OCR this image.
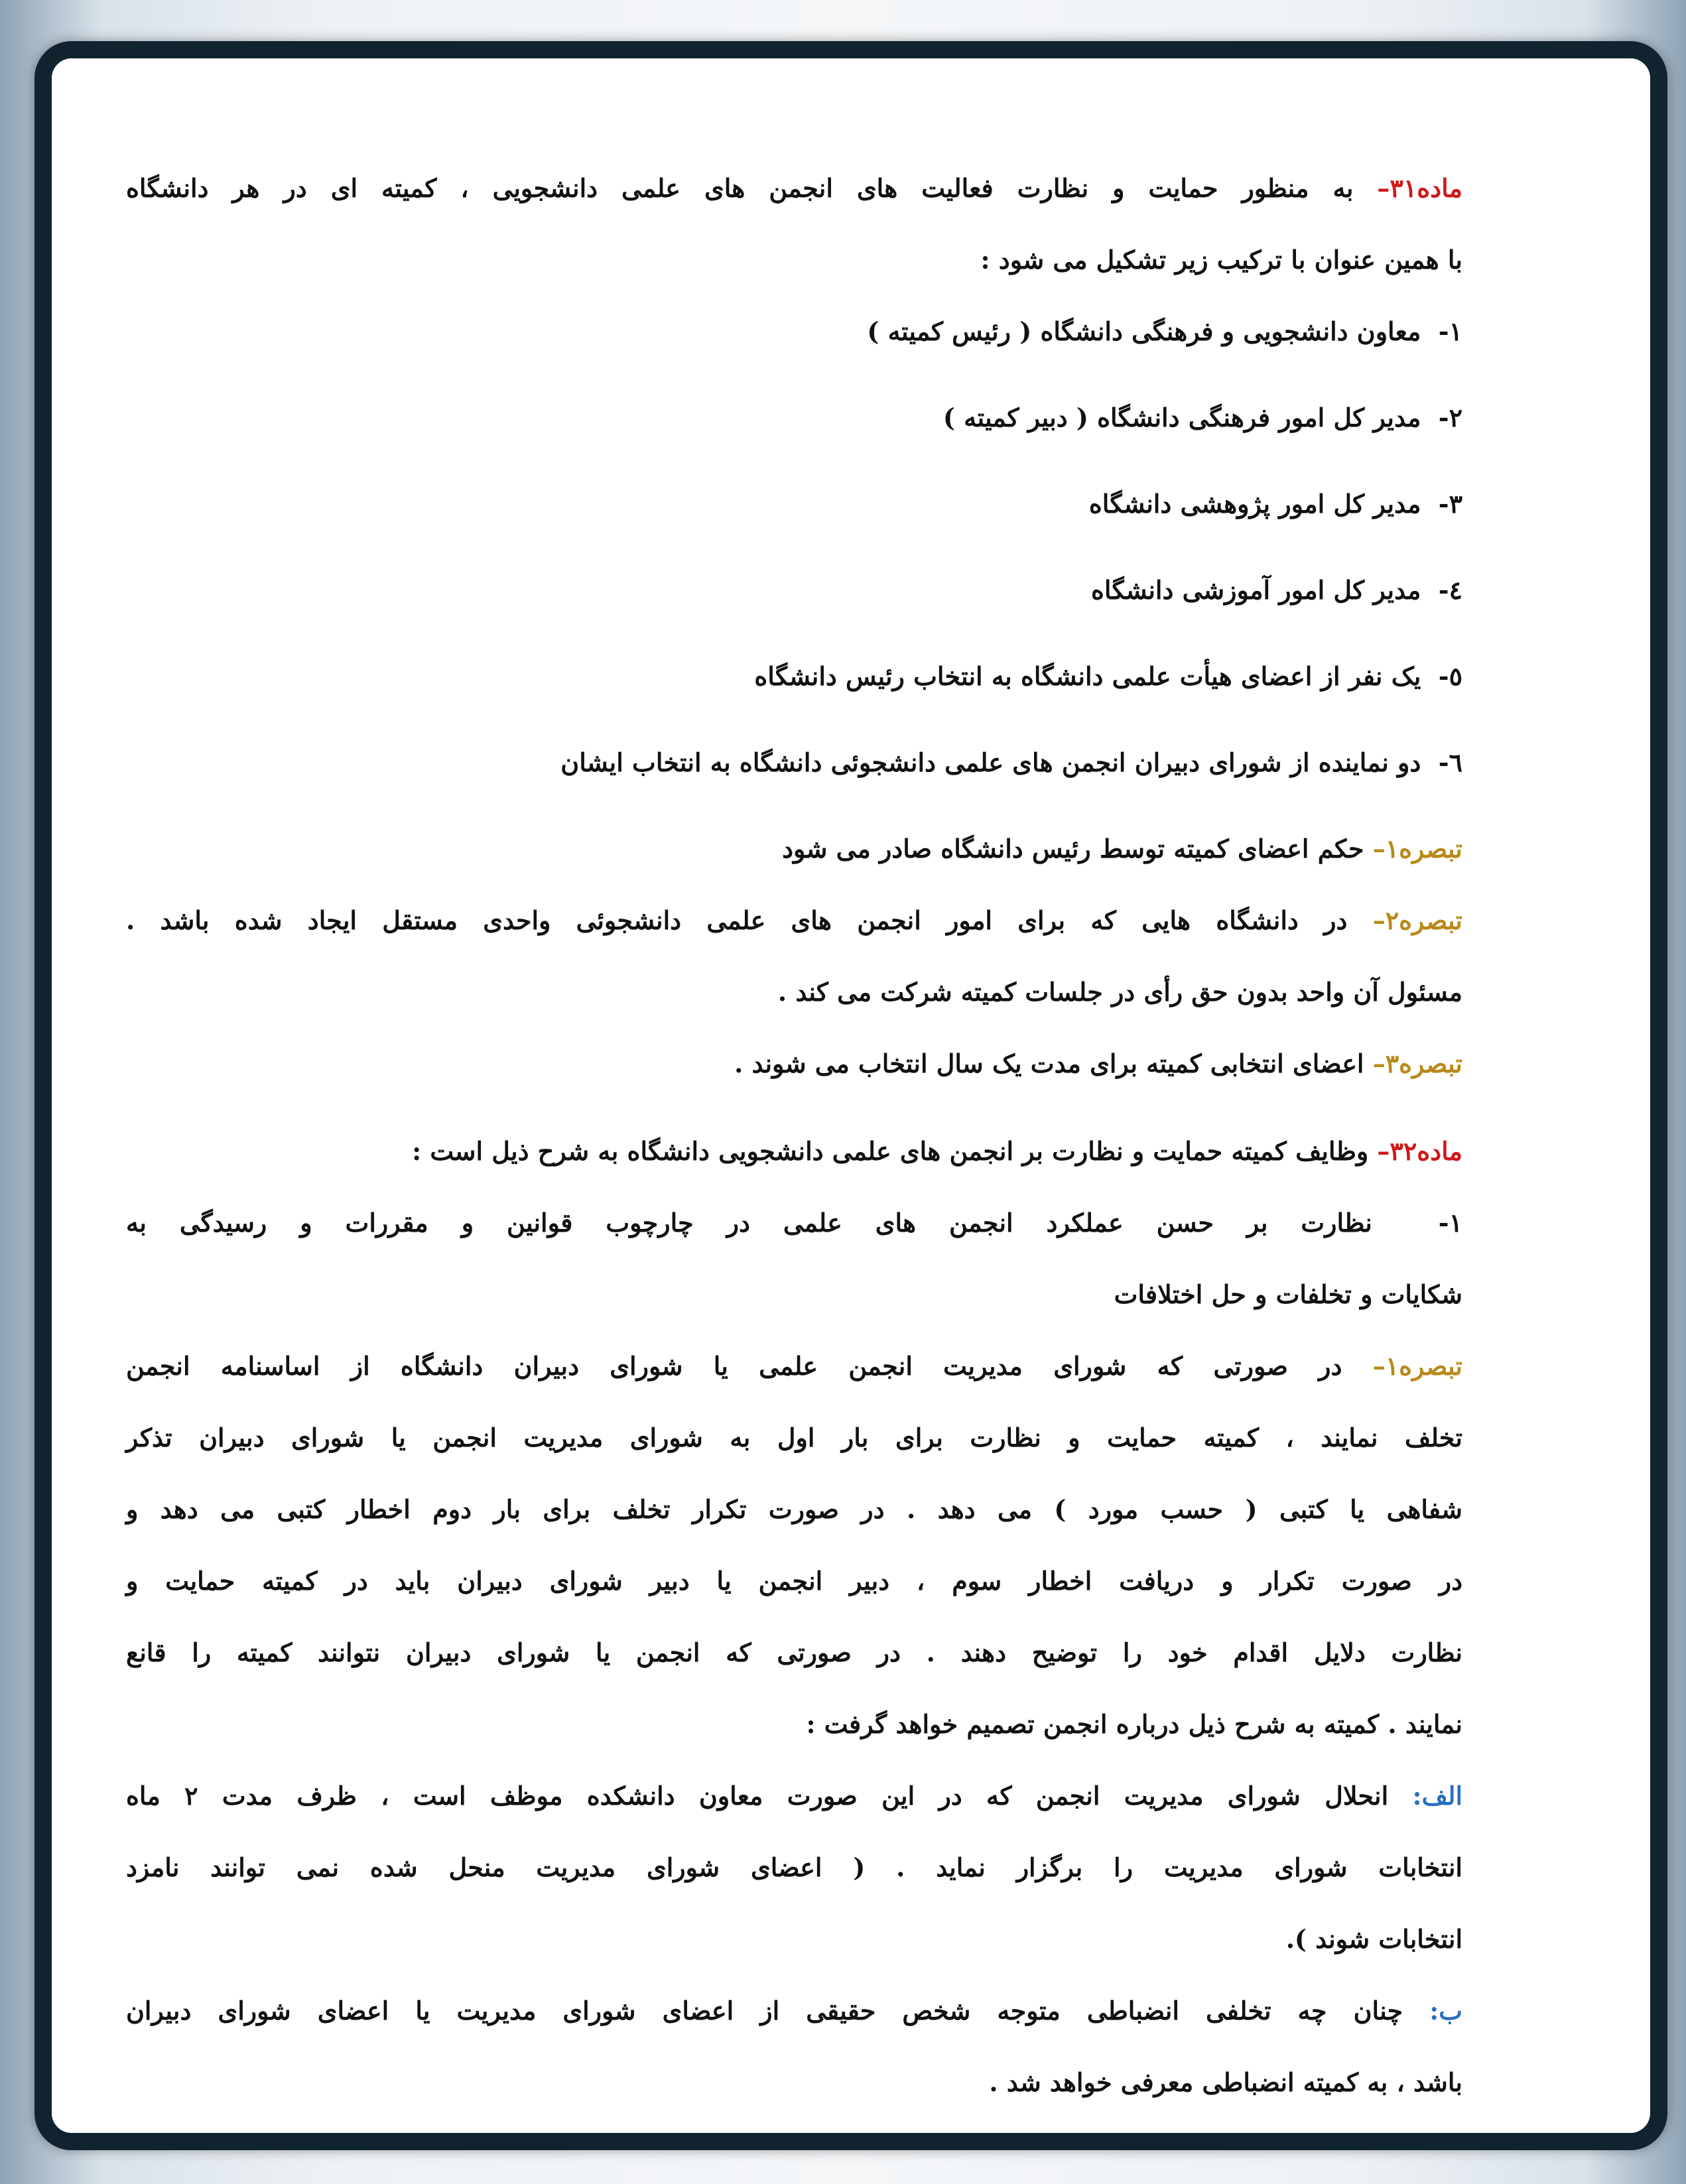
ماده۳۱– به منظور حمایت و نظارت فعالیت های انجمن های علمی دانشجویی ، کمیته ای در هر دانشگاه
با همین عنوان با ترکیب زیر تشکیل می شود :
۱-  معاون دانشجویی و فرهنگی دانشگاه ( رئیس کمیته )
۲-  مدیر کل امور فرهنگی دانشگاه ( دبیر کمیته )
۳-  مدیر کل امور پژوهشی دانشگاه
٤-  مدیر کل امور آموزشی دانشگاه
٥-  یک نفر از اعضای هیأت علمی دانشگاه به انتخاب رئیس دانشگاه
٦-  دو نماینده از شورای دبیران انجمن های علمی دانشجوئی دانشگاه به انتخاب ایشان
تبصره۱– حکم اعضای کمیته توسط رئیس دانشگاه صادر می شود
تبصره۲– در دانشگاه هایی که برای امور انجمن های علمی دانشجوئی واحدی مستقل ایجاد شده باشد .
مسئول آن واحد بدون حق رأی در جلسات کمیته شرکت می کند .
تبصره۳– اعضای انتخابی کمیته برای مدت یک سال انتخاب می شوند .
ماده۳۲– وظایف کمیته حمایت و نظارت بر انجمن های علمی دانشجویی دانشگاه به شرح ذیل است :
۱-  نظارت بر حسن عملکرد انجمن های علمی در چارچوب قوانین و مقررات و رسیدگی به
شکایات و تخلفات و حل اختلافات
تبصره۱– در صورتی که شورای مدیریت انجمن علمی یا شورای دبیران دانشگاه از اساسنامه انجمن
تخلف نمایند ، کمیته حمایت و نظارت برای بار اول به شورای مدیریت انجمن یا شورای دبیران تذکر
شفاهی یا کتبی ( حسب مورد ) می دهد . در صورت تکرار تخلف برای بار دوم اخطار کتبی می دهد و
در صورت تکرار و دریافت اخطار سوم ، دبیر انجمن یا دبیر شورای دبیران باید در کمیته حمایت و
نظارت دلایل اقدام خود را توضیح دهند . در صورتی که انجمن یا شورای دبیران نتوانند کمیته را قانع
نمایند . کمیته به شرح ذیل درباره انجمن تصمیم خواهد گرفت :
الف: انحلال شورای مدیریت انجمن که در این صورت معاون دانشکده موظف است ، ظرف مدت ۲ ماه
انتخابات شورای مدیریت را برگزار نماید . ( اعضای شورای مدیریت منحل شده نمی توانند نامزد
انتخابات شوند ).
ب: چنان چه تخلفی انضباطی متوجه شخص حقیقی از اعضای شورای مدیریت یا اعضای شورای دبیران
باشد ، به کمیته انضباطی معرفی خواهد شد .
